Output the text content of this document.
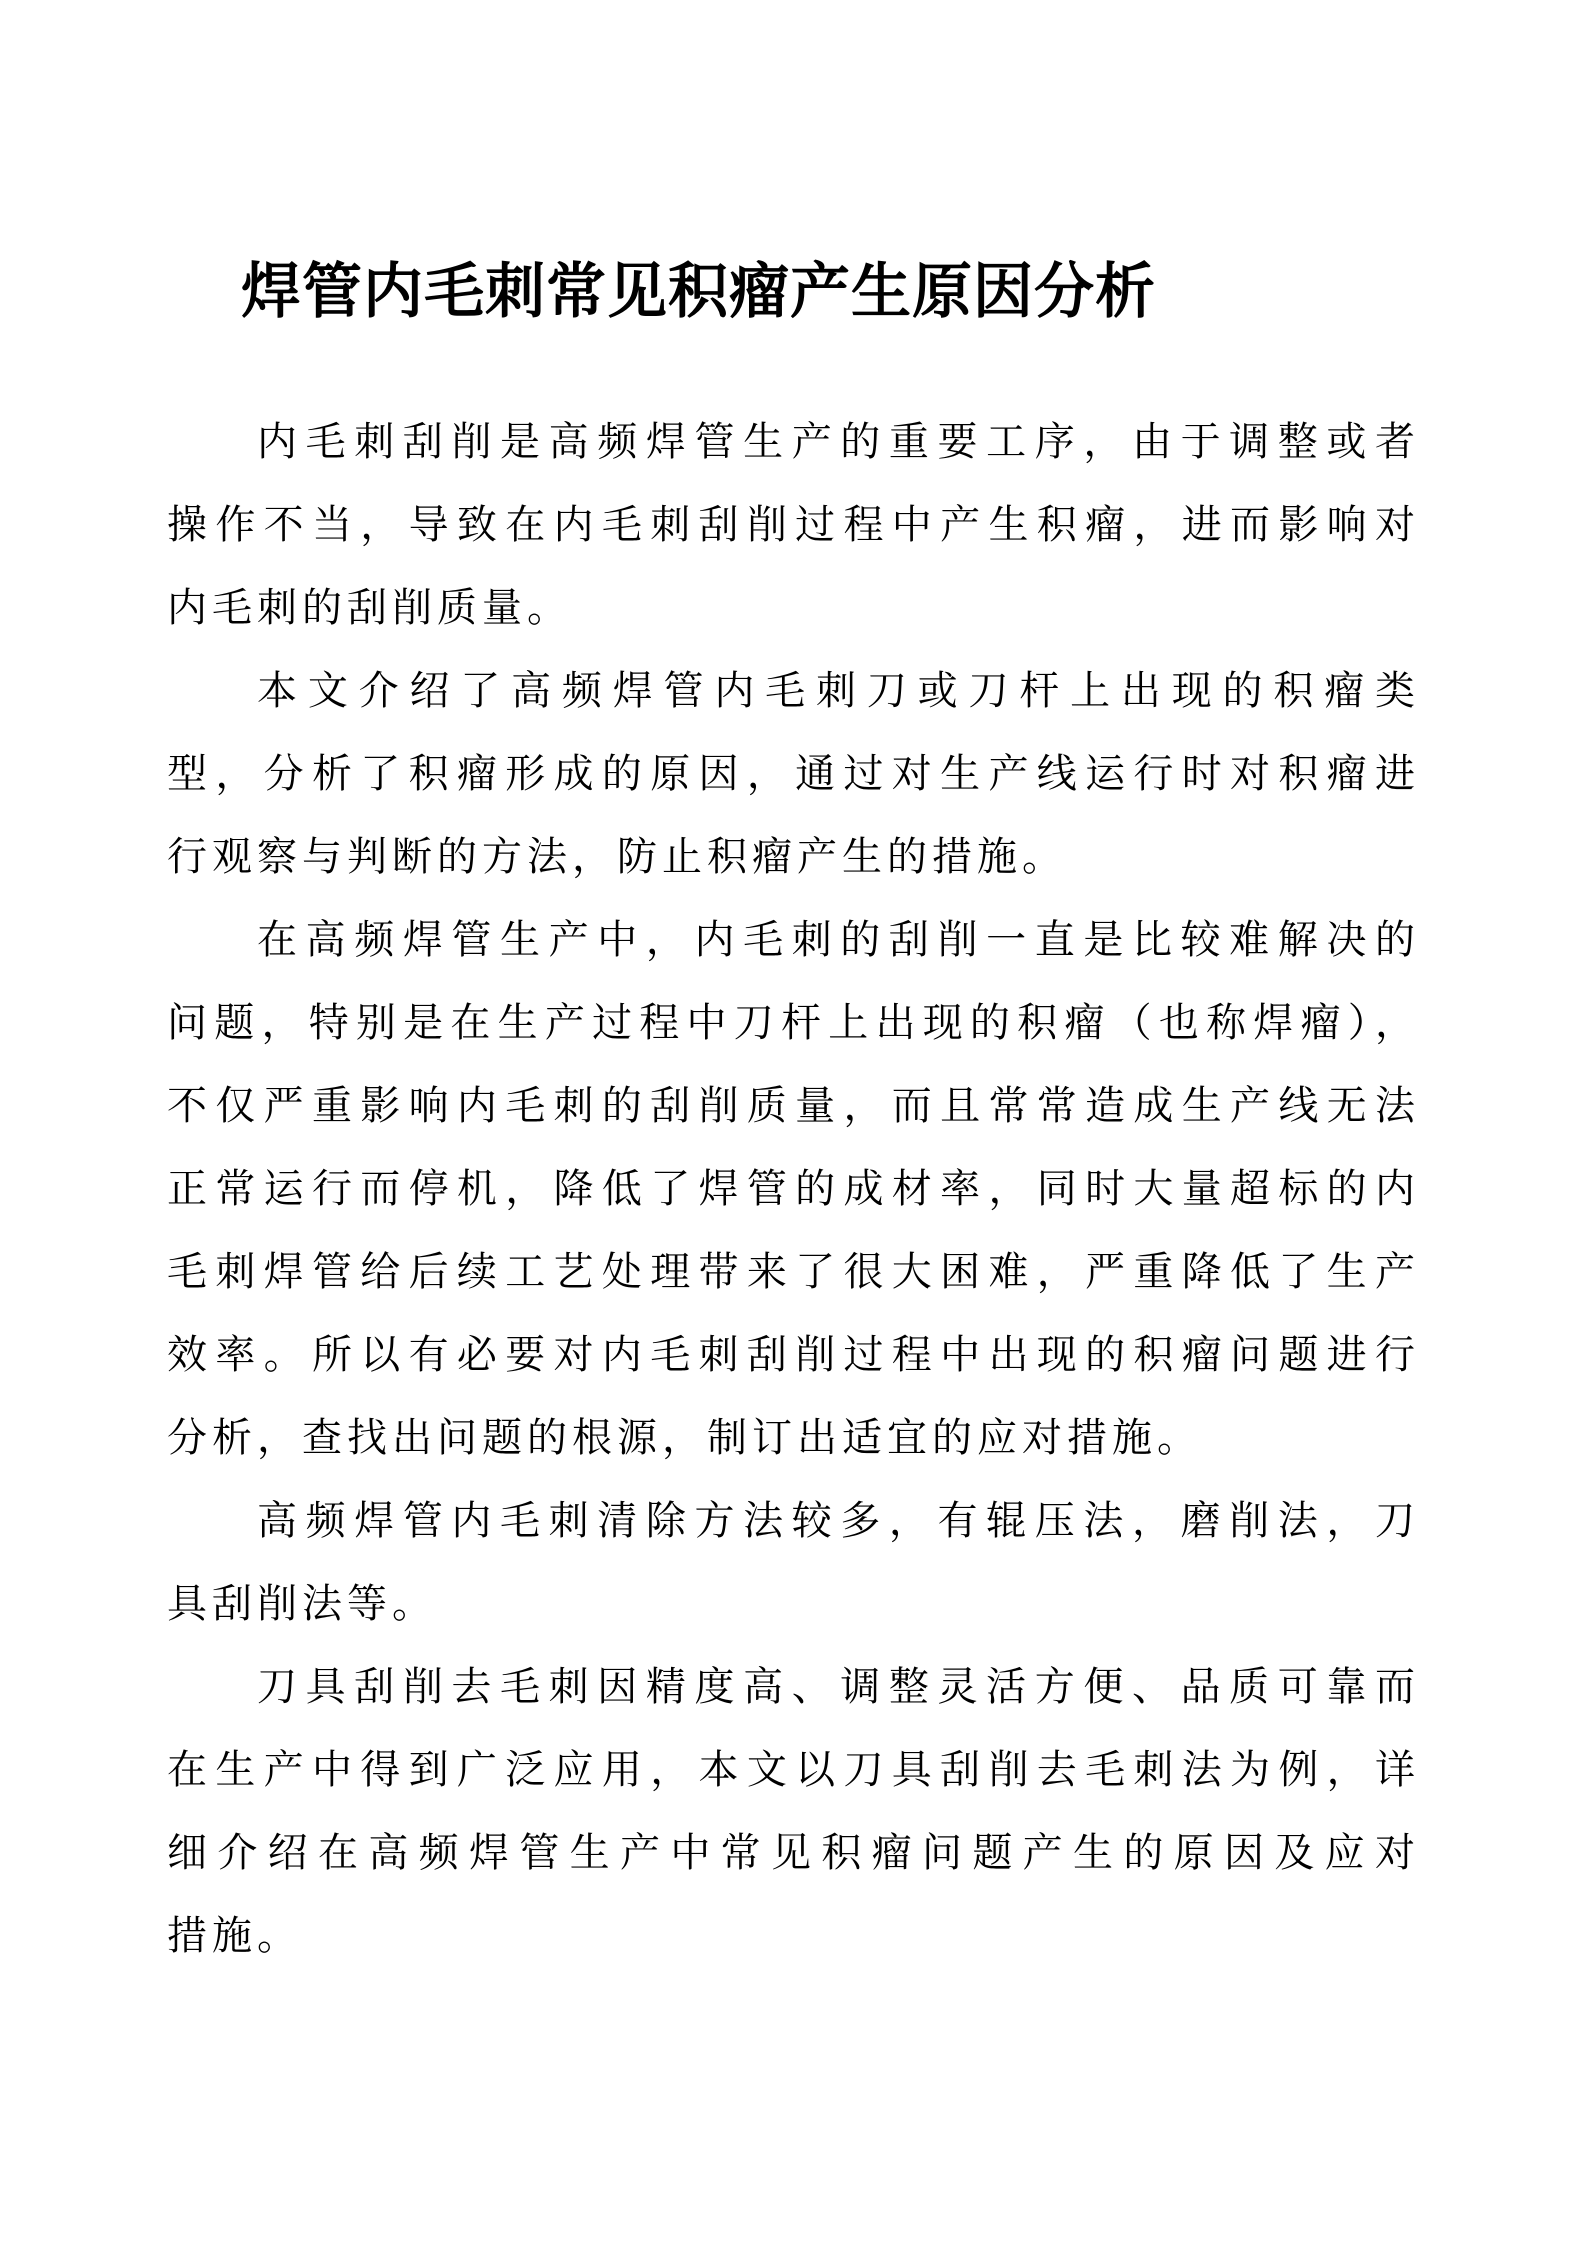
焊管内毛刺常见积瘤产生原因分析
内毛刺刮削是高频焊管生产的重要工序，由于调整或者
操作不当，导致在内毛刺刮削过程中产生积瘤，进而影响对
内毛刺的刮削质量。
本文介绍了高频焊管内毛刺刀或刀杆上出现的积瘤类
型，分析了积瘤形成的原因，通过对生产线运行时对积瘤进
行观察与判断的方法，防止积瘤产生的措施。
在高频焊管生产中，内毛刺的刮削一直是比较难解决的
问题，特别是在生产过程中刀杆上出现的积瘤（也称焊瘤），
不仅严重影响内毛刺的刮削质量，而且常常造成生产线无法
正常运行而停机，降低了焊管的成材率，同时大量超标的内
毛刺焊管给后续工艺处理带来了很大困难，严重降低了生产
效率。所以有必要对内毛刺刮削过程中出现的积瘤问题进行
分析，查找出问题的根源，制订出适宜的应对措施。
高频焊管内毛刺清除方法较多，有辊压法，磨削法，刀
具刮削法等。
刀具刮削去毛刺因精度高、调整灵活方便、品质可靠而
在生产中得到广泛应用，本文以刀具刮削去毛刺法为例，详
细介绍在高频焊管生产中常见积瘤问题产生的原因及应对
措施。
